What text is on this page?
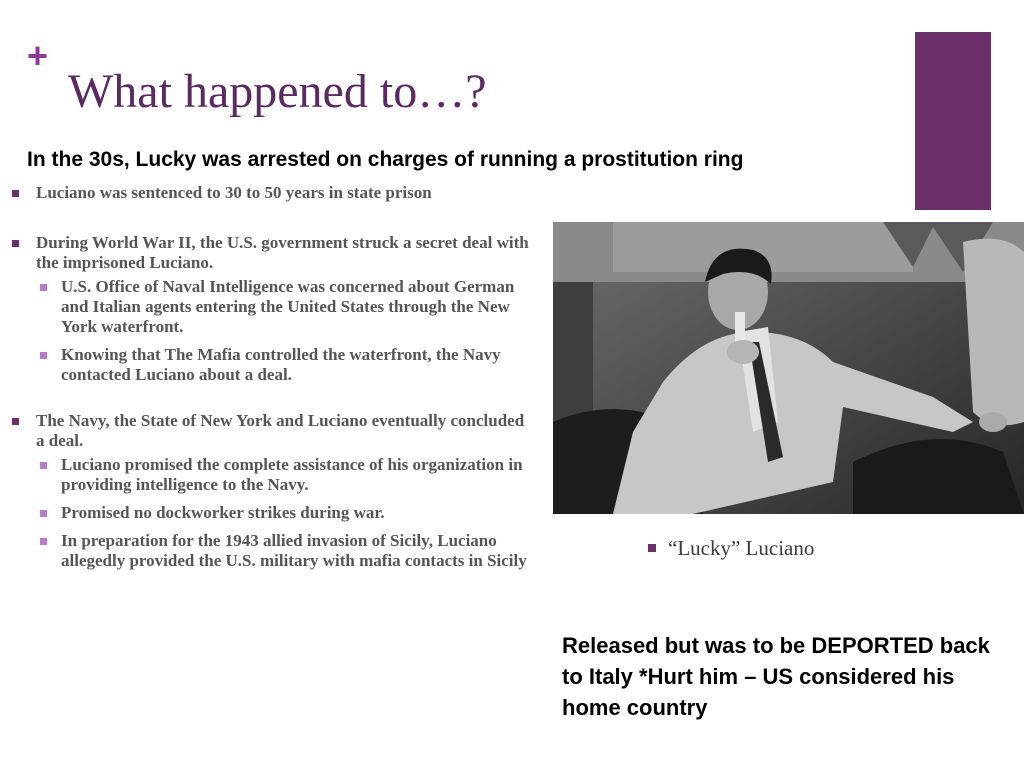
+
What happened to…?

In the 30s, Lucky was arrested on charges of running a prostitution ring

Luciano was sentenced to 30 to 50 years in state prison
During World War II, the U.S. government struck a secret deal with the imprisoned Luciano.
U.S. Office of Naval Intelligence was concerned about German and Italian agents entering the United States through the New York waterfront.
Knowing that The Mafia controlled the waterfront, the Navy contacted Luciano about a deal.
The Navy, the State of New York and Luciano eventually concluded a deal.
Luciano promised the complete assistance of his organization in providing intelligence to the Navy.
Promised no dockworker strikes during war.
In preparation for the 1943 allied invasion of Sicily, Luciano allegedly provided the U.S. military with mafia contacts in Sicily
“Lucky” Luciano

Released but was to be DEPORTED back to Italy *Hurt him – US considered his home country
